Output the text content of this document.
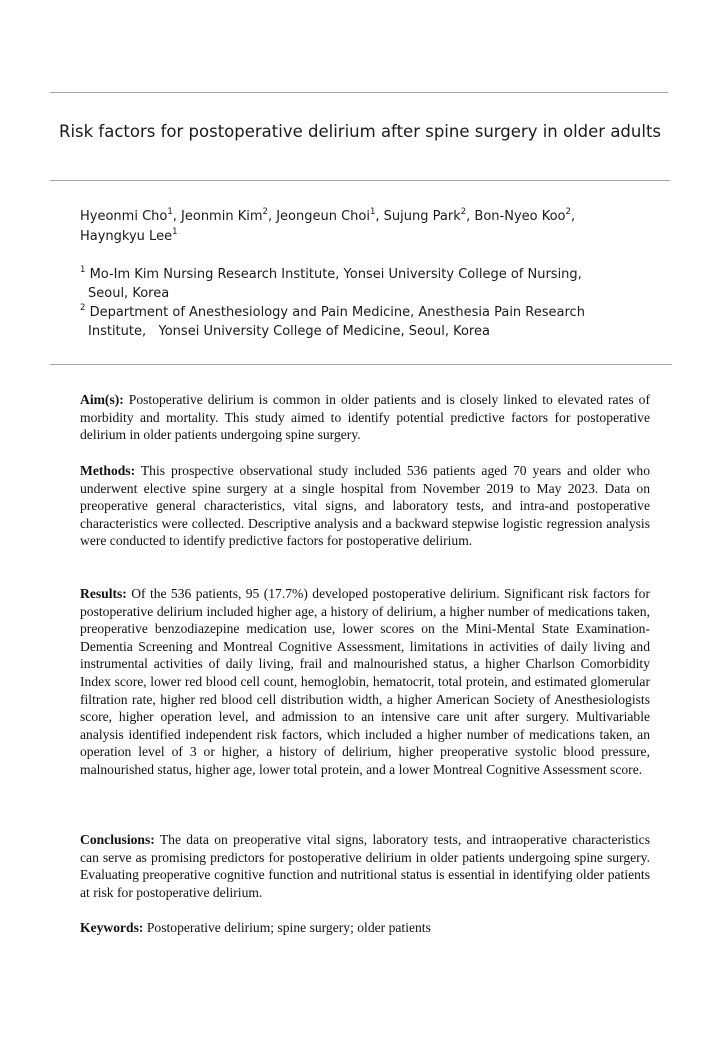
Risk factors for postoperative delirium after spine surgery in older adults
Hyeonmi Cho$^1$, Jeonmin Kim$^2$, Jeongeun Choi$^1$, Sujung Park$^2$, Bon-Nyeo Koo$^2$,
Hayngkyu Lee$^1$
$^1$ Mo-Im Kim Nursing Research Institute, Yonsei University College of Nursing,
Seoul, Korea
$^2$ Department of Anesthesiology and Pain Medicine, Anesthesia Pain Research
Institute,   Yonsei University College of Medicine, Seoul, Korea

Aim(s): Postoperative delirium is common in older patients and is closely linked to elevated rates of morbidity and mortality. This study aimed to identify potential predictive factors for postoperative delirium in older patients undergoing spine surgery.

Methods: This prospective observational study included 536 patients aged 70 years and older who underwent elective spine surgery at a single hospital from November 2019 to May 2023. Data on preoperative general characteristics, vital signs, and laboratory tests, and intra-and postoperative characteristics were collected. Descriptive analysis and a backward stepwise logistic regression analysis were conducted to identify predictive factors for postoperative delirium.

Results: Of the 536 patients, 95 (17.7%) developed postoperative delirium. Significant risk factors for postoperative delirium included higher age, a history of delirium, a higher number of medications taken, preoperative benzodiazepine medication use, lower scores on the Mini-Mental State Examination- Dementia Screening and Montreal Cognitive Assessment, limitations in activities of daily living and instrumental activities of daily living, frail and malnourished status, a higher Charlson Comorbidity Index score, lower red blood cell count, hemoglobin, hematocrit, total protein, and estimated glomerular filtration rate, higher red blood cell distribution width, a higher American Society of Anesthesiologists score, higher operation level, and admission to an intensive care unit after surgery. Multivariable analysis identified independent risk factors, which included a higher number of medications taken, an operation level of 3 or higher, a history of delirium, higher preoperative systolic blood pressure, malnourished status, higher age, lower total protein, and a lower Montreal Cognitive Assessment score.

Conclusions: The data on preoperative vital signs, laboratory tests, and intraoperative characteristics can serve as promising predictors for postoperative delirium in older patients undergoing spine surgery. Evaluating preoperative cognitive function and nutritional status is essential in identifying older patients at risk for postoperative delirium.

Keywords: Postoperative delirium; spine surgery; older patients
